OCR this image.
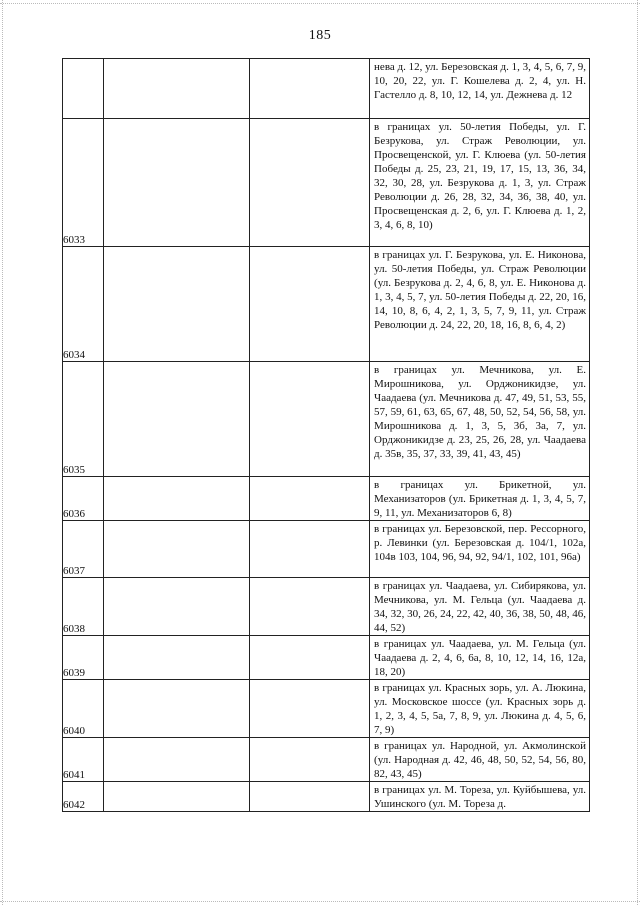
185

			нева д. 12, ул. Березовская д. 1, 3, 4, 5, 6, 7, 9, 10, 20, 22, ул. Г. Кошелева д. 2, 4, ул. Н. Гастелло д. 8, 10, 12, 14, ул. Дежнева д. 12

6033			в границах ул. 50-летия Победы, ул. Г. Безрукова, ул. Страж Революции, ул. Просвещенской, ул. Г. Клюева (ул. 50-летия Победы д. 25, 23, 21, 19, 17, 15, 13, 36, 34, 32, 30, 28, ул. Безрукова д. 1, 3, ул. Страж Революции д. 26, 28, 32, 34, 36, 38, 40, ул. Просвещенская д. 2, 6, ул. Г. Клюева д. 1, 2, 3, 4, 6, 8, 10)

6034			в границах ул. Г. Безрукова, ул. Е. Никонова, ул. 50-летия Победы, ул. Страж Революции (ул. Безрукова д. 2, 4, 6, 8, ул. Е. Никонова д. 1, 3, 4, 5, 7, ул. 50-летия Победы д. 22, 20, 16, 14, 10, 8, 6, 4, 2, 1, 3, 5, 7, 9, 11, ул. Страж Революции д. 24, 22, 20, 18, 16, 8, 6, 4, 2)

6035			в границах ул. Мечникова, ул. Е. Мирошникова, ул. Орджоникидзе, ул. Чаадаева (ул. Мечникова д. 47, 49, 51, 53, 55, 57, 59, 61, 63, 65, 67, 48, 50, 52, 54, 56, 58, ул. Мирошникова д. 1, 3, 5, 3б, 3а, 7, ул. Орджоникидзе д. 23, 25, 26, 28, ул. Чаадаева д. 35в, 35, 37, 33, 39, 41, 43, 45)

6036			в границах ул. Брикетной, ул. Механизаторов (ул. Брикетная д. 1, 3, 4, 5, 7, 9, 11, ул. Механизаторов 6, 8)

6037			в границах ул. Березовской, пер. Рессорного, р. Левинки (ул. Березовская д. 104/1, 102а, 104в 103, 104, 96, 94, 92, 94/1, 102, 101, 96а)

6038			в границах ул. Чаадаева, ул. Сибирякова, ул. Мечникова, ул. М. Гельца (ул. Чаадаева д. 34, 32, 30, 26, 24, 22, 42, 40, 36, 38, 50, 48, 46, 44, 52)

6039			в границах ул. Чаадаева, ул. М. Гельца (ул. Чаадаева д. 2, 4, 6, 6а, 8, 10, 12, 14, 16, 12а, 18, 20)

6040			в границах ул. Красных зорь, ул. А. Люкина, ул. Московское шоссе (ул. Красных зорь д. 1, 2, 3, 4, 5, 5а, 7, 8, 9, ул. Люкина д. 4, 5, 6, 7, 9)

6041			в границах ул. Народной, ул. Акмолинской (ул. Народная д. 42, 46, 48, 50, 52, 54, 56, 80, 82, 43, 45)

6042			в границах ул. М. Тореза, ул. Куйбышева, ул. Ушинского (ул. М. Тореза д.
